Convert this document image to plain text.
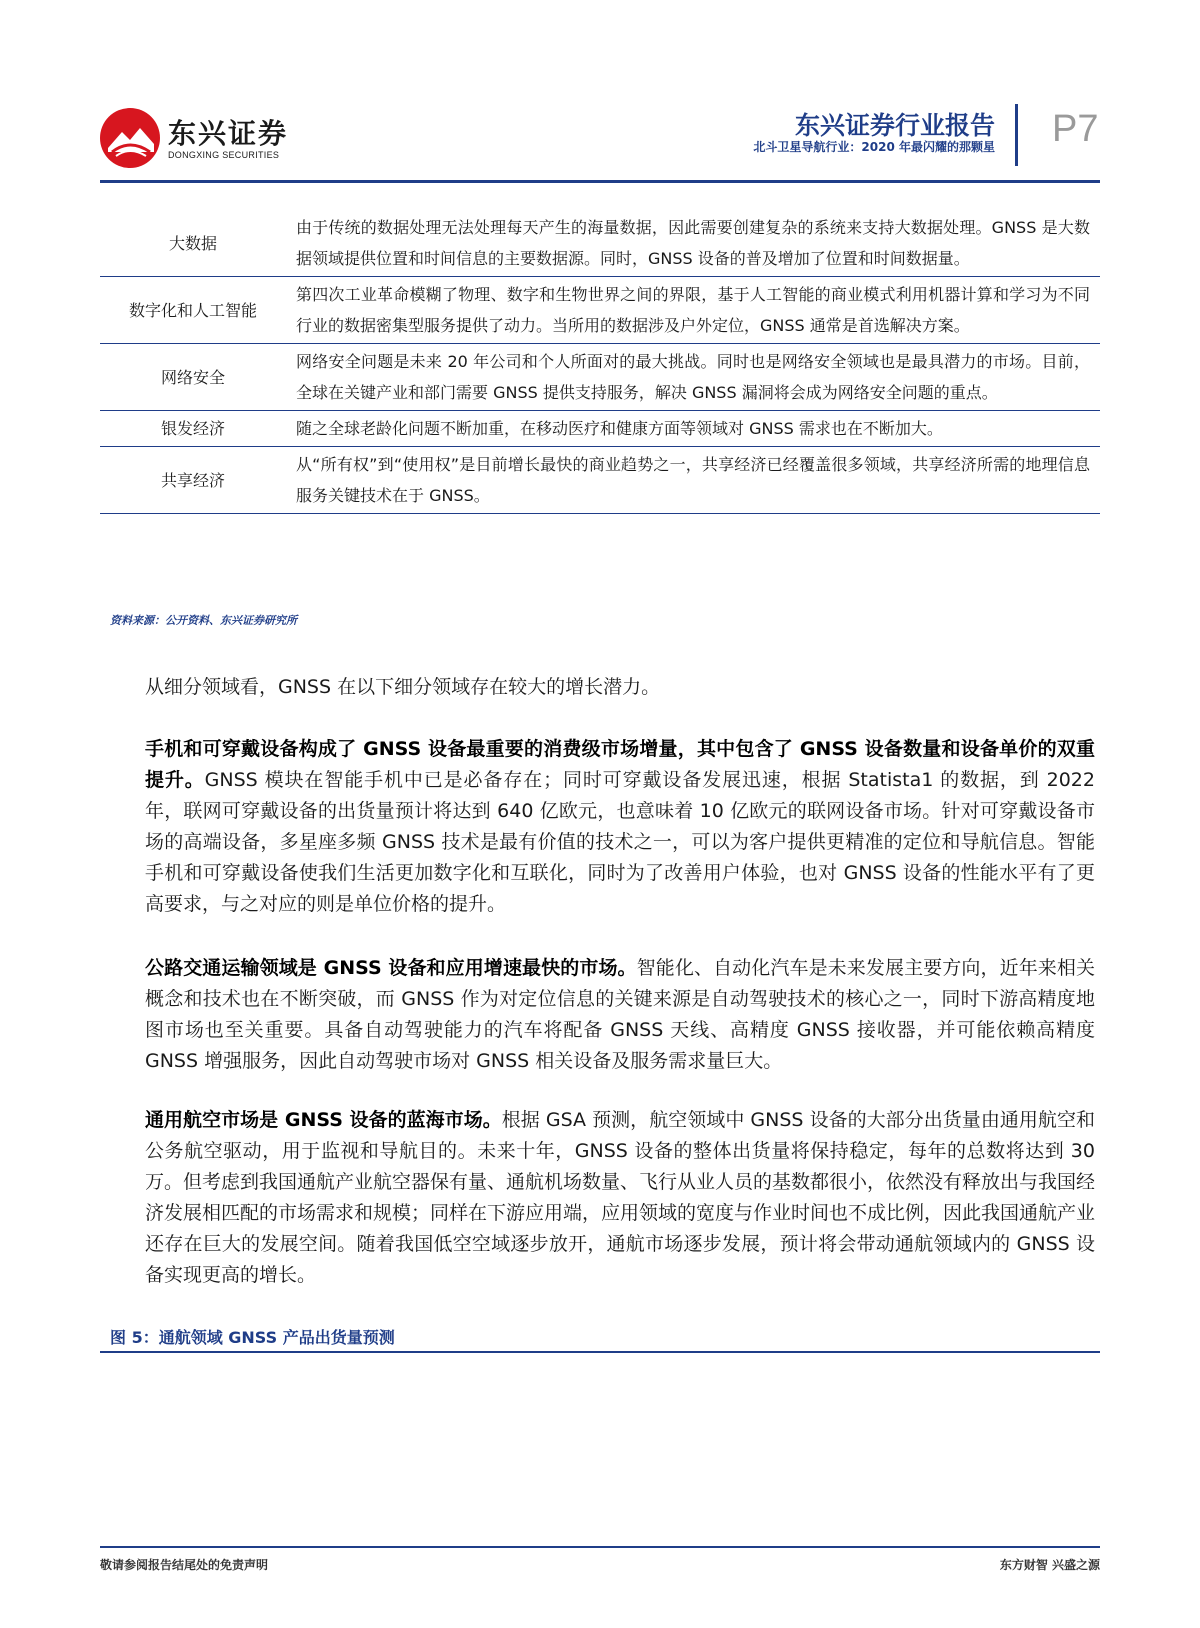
东兴证券
DONGXING SECURITIES
东兴证券行业报告
北斗卫星导航行业：2020 年最闪耀的那颗星 P7
大数据	由于传统的数据处理无法处理每天产生的海量数据，因此需要创建复杂的系统来支持大数据处理。GNSS 是大数据领域提供位置和时间信息的主要数据源。同时，GNSS 设备的普及增加了位置和时间数据量。
数字化和人工智能	第四次工业革命模糊了物理、数字和生物世界之间的界限，基于人工智能的商业模式利用机器计算和学习为不同行业的数据密集型服务提供了动力。当所用的数据涉及户外定位，GNSS 通常是首选解决方案。
网络安全	网络安全问题是未来 20 年公司和个人所面对的最大挑战。同时也是网络安全领域也是最具潜力的市场。目前，全球在关键产业和部门需要 GNSS 提供支持服务，解决 GNSS 漏洞将会成为网络安全问题的重点。
银发经济	随之全球老龄化问题不断加重，在移动医疗和健康方面等领域对 GNSS 需求也在不断加大。
共享经济	从“所有权”到“使用权”是目前增长最快的商业趋势之一，共享经济已经覆盖很多领域，共享经济所需的地理信息服务关键技术在于 GNSS。
资料来源：公开资料、东兴证券研究所
从细分领域看，GNSS 在以下细分领域存在较大的增长潜力。
手机和可穿戴设备构成了 GNSS 设备最重要的消费级市场增量，其中包含了 GNSS 设备数量和设备单价的双重提升。GNSS 模块在智能手机中已是必备存在；同时可穿戴设备发展迅速，根据 Statista1 的数据，到 2022 年，联网可穿戴设备的出货量预计将达到 640 亿欧元，也意味着 10 亿欧元的联网设备市场。针对可穿戴设备市场的高端设备，多星座多频 GNSS 技术是最有价值的技术之一，可以为客户提供更精准的定位和导航信息。智能手机和可穿戴设备使我们生活更加数字化和互联化，同时为了改善用户体验，也对 GNSS 设备的性能水平有了更高要求，与之对应的则是单位价格的提升。
公路交通运输领域是 GNSS 设备和应用增速最快的市场。智能化、自动化汽车是未来发展主要方向，近年来相关概念和技术也在不断突破，而 GNSS 作为对定位信息的关键来源是自动驾驶技术的核心之一，同时下游高精度地图市场也至关重要。具备自动驾驶能力的汽车将配备 GNSS 天线、高精度 GNSS 接收器，并可能依赖高精度 GNSS 增强服务，因此自动驾驶市场对 GNSS 相关设备及服务需求量巨大。
通用航空市场是 GNSS 设备的蓝海市场。根据 GSA 预测，航空领域中 GNSS 设备的大部分出货量由通用航空和公务航空驱动，用于监视和导航目的。未来十年，GNSS 设备的整体出货量将保持稳定，每年的总数将达到 30 万。但考虑到我国通航产业航空器保有量、通航机场数量、飞行从业人员的基数都很小，依然没有释放出与我国经济发展相匹配的市场需求和规模；同样在下游应用端，应用领域的宽度与作业时间也不成比例，因此我国通航产业还存在巨大的发展空间。随着我国低空空域逐步放开，通航市场逐步发展，预计将会带动通航领域内的 GNSS 设备实现更高的增长。
图 5：通航领域 GNSS 产品出货量预测
敬请参阅报告结尾处的免责声明	东方财智 兴盛之源
